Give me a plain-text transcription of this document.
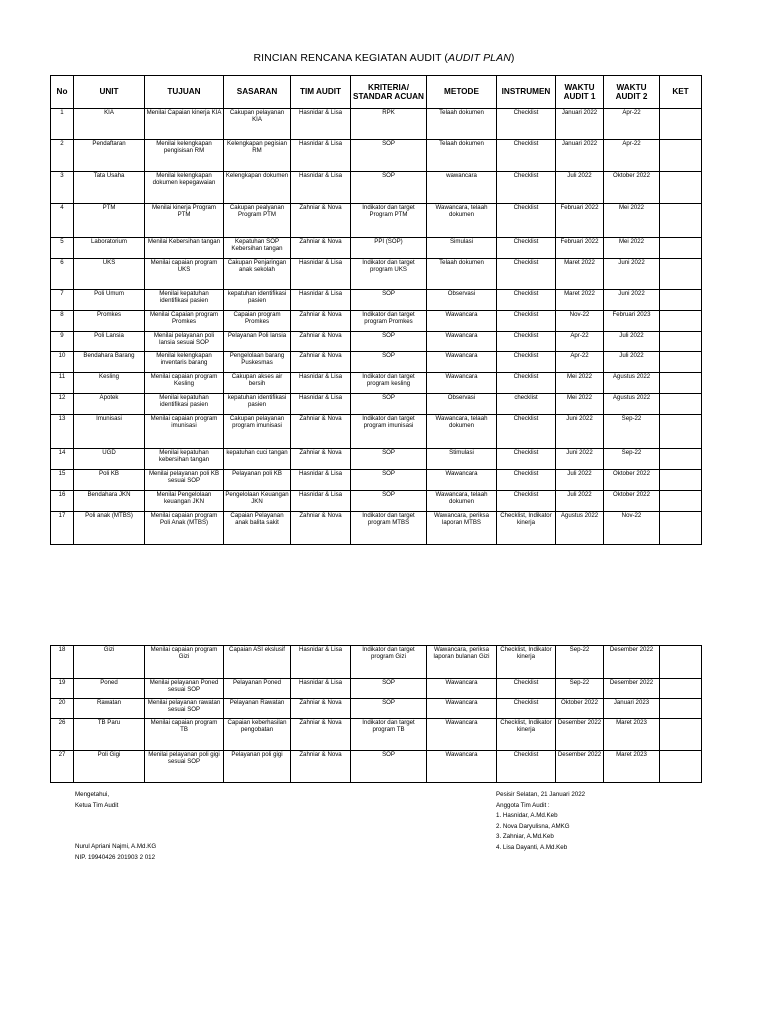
RINCIAN RENCANA KEGIATAN AUDIT (AUDIT PLAN)
No	UNIT	TUJUAN	SASARAN	TIM AUDIT	KRITERIA/ STANDAR ACUAN	METODE	INSTRUMEN	WAKTU AUDIT 1	WAKTU AUDIT 2	KET
1	KIA	Menilai Capaian kinerja KIA	Cakupan pelayanan KIA	Hasnidar & Lisa	RPK	Telaah dokumen	Checklist	Januari 2022	Apr-22	
2	Pendaftaran	Menilai kelengkapan pengisisan RM	Kelengkapan pegisian RM	Hasnidar & Lisa	SOP	Telaah dokumen	Checklist	Januari 2022	Apr-22	
3	Tata Usaha	Menilai kelengkapan dokumen kepegawaian	Kelengkapan dokumen	Hasnidar & Lisa	SOP	wawancara	Checklist	Juli 2022	Oktober 2022	
4	PTM	Menilai kinerja Program PTM	Cakupan pealyanan Program PTM	Zahniar & Nova	Indikator dan target Program PTM	Wawancara, telaah dokumen	Checklist	Februari 2022	Mei 2022	
5	Laboratorium	Menilai Kebersihan tangan	Kepatuhan SOP Kebersihan tangan	Zahniar & Nova	PPI (SOP)	Simulasi	Checklist	Februari 2022	Mei 2022	
6	UKS	Menilai capaian program UKS	Cakupan Penjaringan anak sekolah	Hasnidar & Lisa	Indikator dan target program UKS	Telaah dokumen	Checklist	Maret 2022	Juni 2022	
7	Poli Umum	Menilai kepatuhan identifikasi pasien	kepatuhan identifikasi pasien	Hasnidar & Lisa	SOP	Observasi	Checklist	Maret 2022	Juni 2022	
8	Promkes	Menilai Capaian program Promkes	Capaian program Promkes	Zahniar & Nova	Indikator dan target program Promkes	Wawancara	Checklist	Nov-22	Februari 2023	
9	Poli Lansia	Menilai pelayanan poli lansia sesuai SOP	Pelayanan Poli lansia	Zahniar & Nova	SOP	Wawancara	Checklist	Apr-22	Juli 2022	
10	Bendahara Barang	Menilai kelengkapan inventaris barang	Pengelolaan barang Puskesmas	Zahniar & Nova	SOP	Wawancara	Checklist	Apr-22	Juli 2022	
11	Kesling	Menilai capaian program Kesling	Cakupan akses air bersih	Hasnidar & Lisa	Indikator dan target program kesling	Wawancara	Checklist	Mei 2022	Agustus 2022	
12	Apotek	Menilai kepatuhan identifikasi pasien	kepatuhan identifikasi pasien	Hasnidar & Lisa	SOP	Observasi	checklist	Mei 2022	Agustus 2022	
13	Imunisasi	Menilai capaian program imunisasi	Cakupan pelayanan program imunisasi	Zahniar & Nova	Indikator dan target program imunisasi	Wawancara, telaah dokumen	Checklist	Juni 2022	Sep-22	
14	UGD	Menilai kepatuhan kebersihan tangan	kepatuhan cuci tangan	Zahniar & Nova	SOP	Stimulasi	Checklist	Juni 2022	Sep-22	
15	Poli KB	Menilai pelayanan poli KB sesuai SOP	Pelayanan poli KB	Hasnidar & Lisa	SOP	Wawancara	Checklist	Juli 2022	Oktober 2022	
16	Bendahara JKN	Menilai Pengelolaan keuangan JKN	Pengelolaan Keuangan JKN	Hasnidar & Lisa	SOP	Wawancara, telaah dokumen	Checklist	Juli 2022	Oktober 2022	
17	Poli anak (MTBS)	Menilai capaian program Poli Anak (MTBS)	Capaian Pelayanan anak balita sakit	Zahniar & Nova	Indikator dan target program MTBS	Wawancara, periksa laporan MTBS	Checklist, Indikator kinerja	Agustus 2022	Nov-22	
18	Gizi	Menilai capaian program Gizi	Capaian ASI ekslusif	Hasnidar & Lisa	Indikator dan target program Gizi	Wawancara, periksa laporan bulanan Gizi	Checklist, Indikator kinerja	Sep-22	Desember 2022	
19	Poned	Menilai pelayanan Poned sesuai SOP	Pelayanan Poned	Hasnidar & Lisa	SOP	Wawancara	Checklist	Sep-22	Desember 2022	
20	Rawatan	Menilai pelayanan rawatan sesuai SOP	Pelayanan Rawatan	Zahniar & Nova	SOP	Wawancara	Checklist	Oktober 2022	Januari 2023	
26	TB Paru	Menilai capaian program TB	Capaian keberhasilan pengobatan	Zahniar & Nova	Indikator dan target program TB	Wawancara	Checklist, Indikator kinerja	Desember 2022	Maret 2023	
27	Poli Gigi	Menilai pelayanan poli gigi sesuai SOP	Pelayanan poli gigi	Zahniar & Nova	SOP	Wawancara	Checklist	Desember 2022	Maret 2023	
Mengetahui,
Ketua Tim Audit
Nurul Apriani Najmi, A.Md.KG
NIP. 19940426 201903 2 012
Pesisir Selatan, 21 Januari 2022
Anggota Tim Audit :
1. Hasnidar, A.Md.Keb
2. Nova Daryulisna, AMKG
3. Zahniar, A.Md.Keb
4. Lisa Dayanti, A.Md.Keb
